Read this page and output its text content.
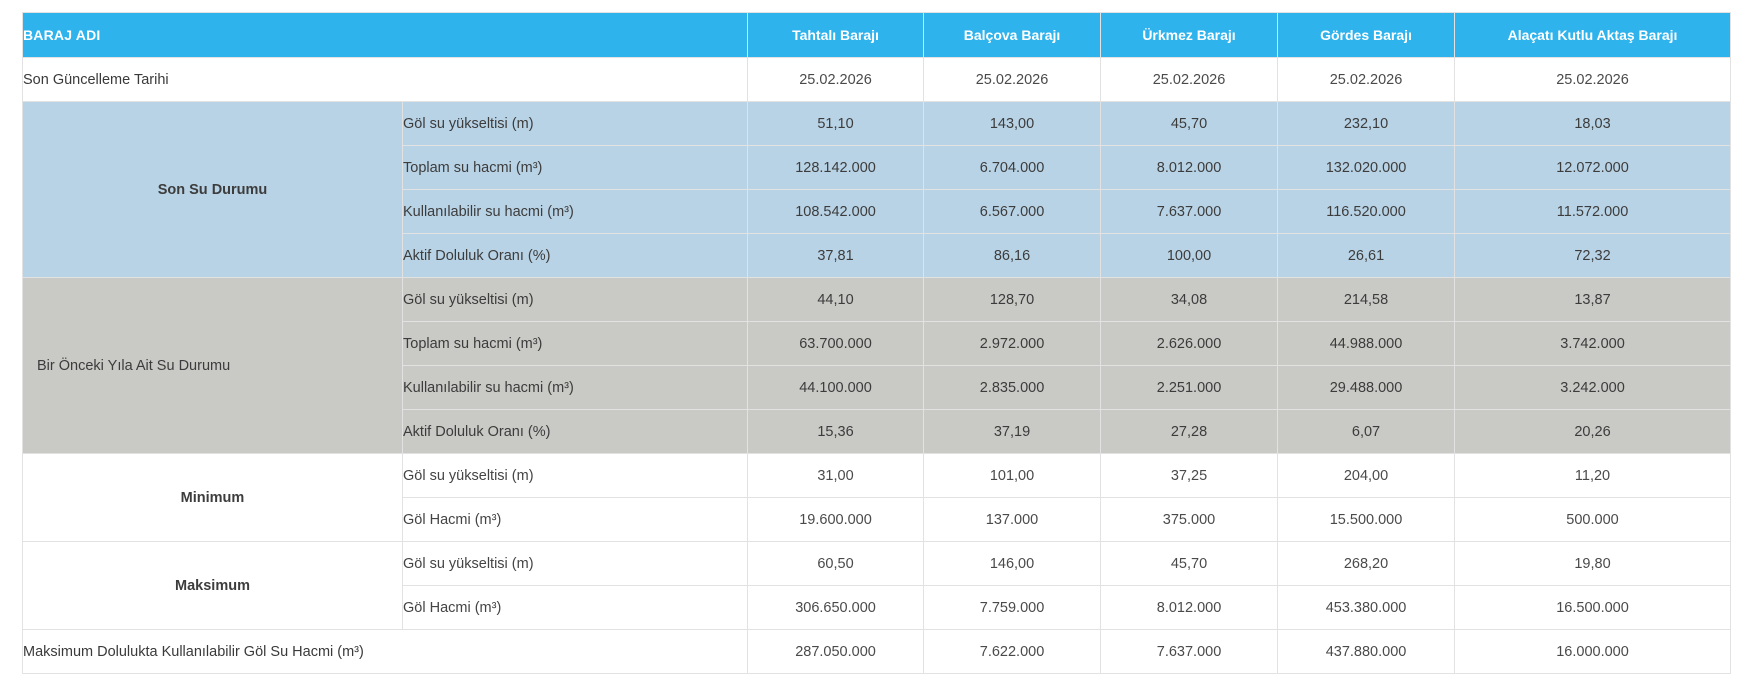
BARAJ ADI		Tahtalı Barajı	Balçova Barajı	Ürkmez Barajı	Gördes Barajı	Alaçatı Kutlu Aktaş Barajı
Son Güncelleme Tarihi		25.02.2026	25.02.2026	25.02.2026	25.02.2026	25.02.2026
Son Su Durumu	Göl su yükseltisi (m)	51,10	143,00	45,70	232,10	18,03
	Toplam su hacmi (m³)	128.142.000	6.704.000	8.012.000	132.020.000	12.072.000
	Kullanılabilir su hacmi (m³)	108.542.000	6.567.000	7.637.000	116.520.000	11.572.000
	Aktif Doluluk Oranı (%)	37,81	86,16	100,00	26,61	72,32
Bir Önceki Yıla Ait Su Durumu	Göl su yükseltisi (m)	44,10	128,70	34,08	214,58	13,87
	Toplam su hacmi (m³)	63.700.000	2.972.000	2.626.000	44.988.000	3.742.000
	Kullanılabilir su hacmi (m³)	44.100.000	2.835.000	2.251.000	29.488.000	3.242.000
	Aktif Doluluk Oranı (%)	15,36	37,19	27,28	6,07	20,26
Minimum	Göl su yükseltisi (m)	31,00	101,00	37,25	204,00	11,20
	Göl Hacmi (m³)	19.600.000	137.000	375.000	15.500.000	500.000
Maksimum	Göl su yükseltisi (m)	60,50	146,00	45,70	268,20	19,80
	Göl Hacmi (m³)	306.650.000	7.759.000	8.012.000	453.380.000	16.500.000
Maksimum Dolulukta Kullanılabilir Göl Su Hacmi (m³)		287.050.000	7.622.000	7.637.000	437.880.000	16.000.000
